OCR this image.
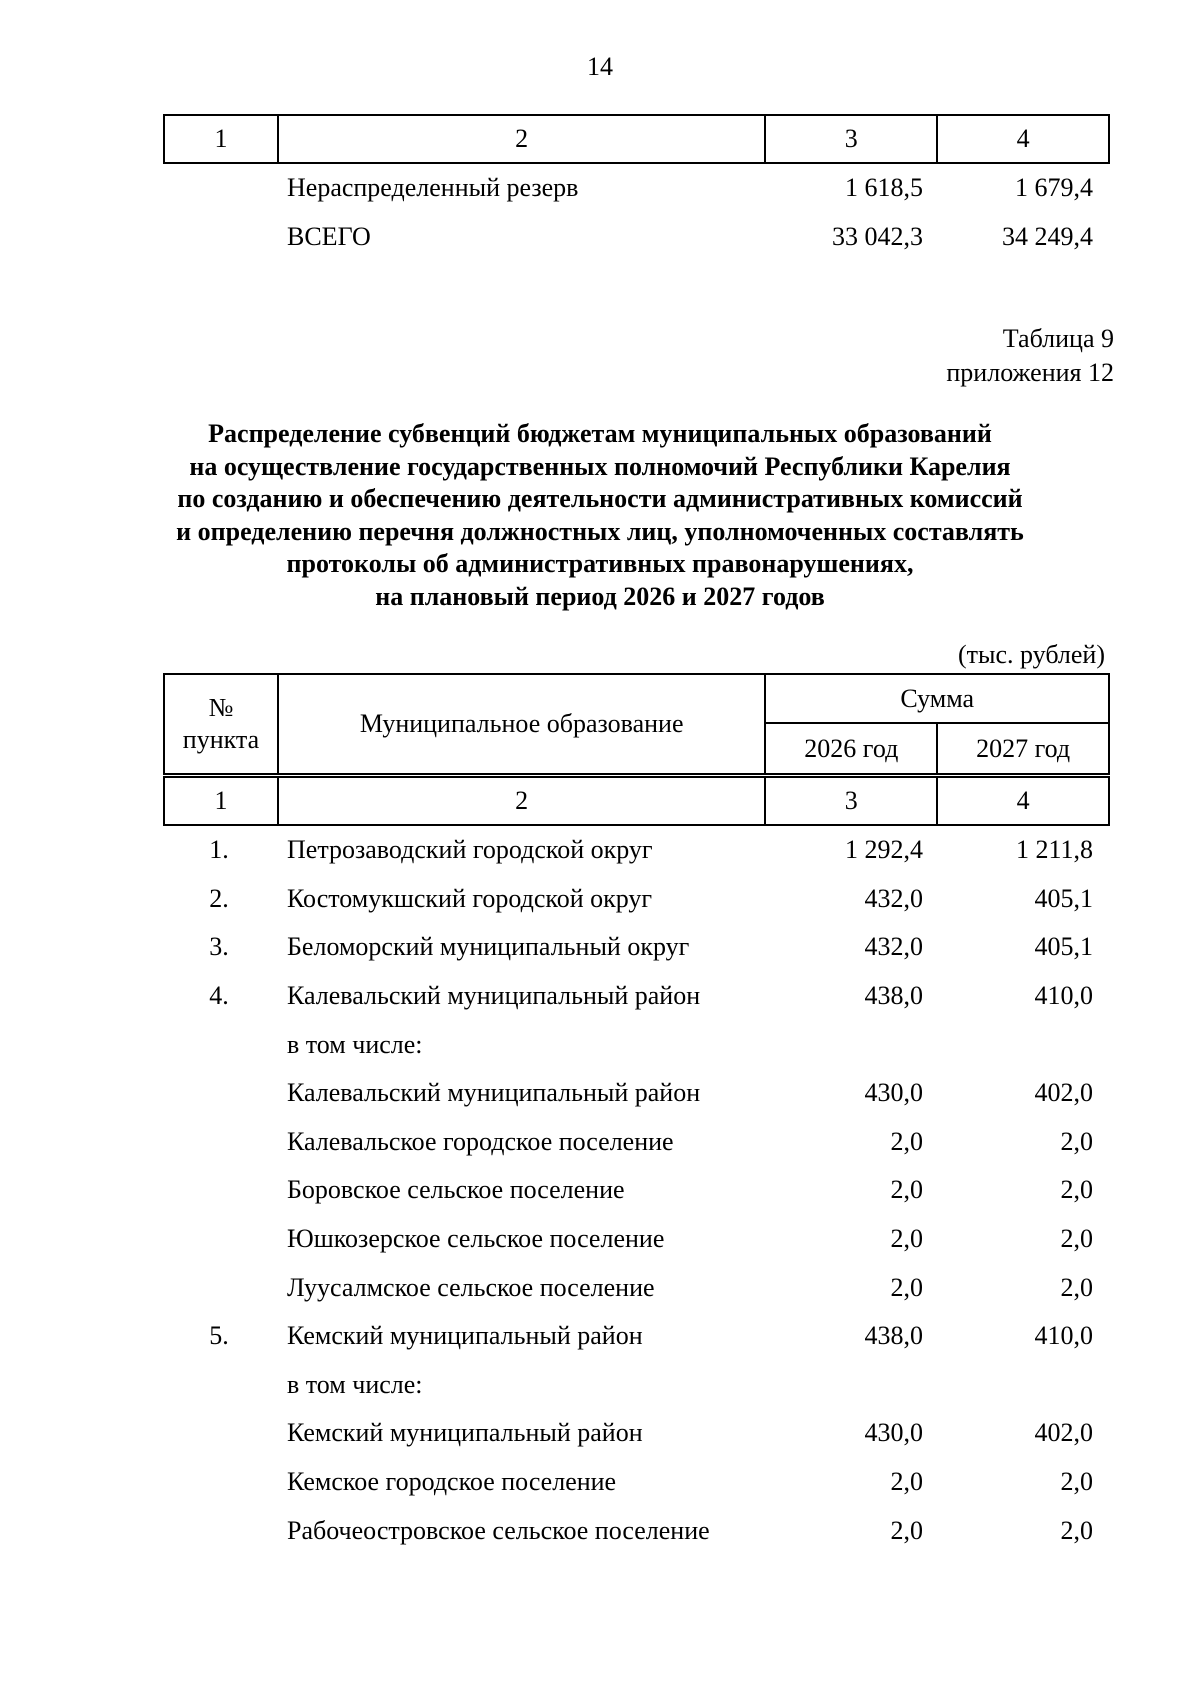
14
1	2	3	4
Нераспределенный резерв	1 618,5	1 679,4
ВСЕГО	33 042,3	34 249,4
Таблица 9
приложения 12
Распределение субвенций бюджетам муниципальных образований
на осуществление государственных полномочий Республики Карелия
по созданию и обеспечению деятельности административных комиссий
и определению перечня должностных лиц, уполномоченных составлять
протоколы об административных правонарушениях,
на плановый период 2026 и 2027 годов
(тыс. рублей)
№
пункта	Муниципальное образование	Сумма	
		2026 год	2027 год
1	2	3	4
1.	Петрозаводский городской округ	1 292,4	1 211,8
2.	Костомукшский городской округ	432,0	405,1
3.	Беломорский муниципальный округ	432,0	405,1
4.	Калевальский муниципальный район	438,0	410,0
в том числе:
Калевальский муниципальный район	430,0	402,0
Калевальское городское поселение	2,0	2,0
Боровское сельское поселение	2,0	2,0
Юшкозерское сельское поселение	2,0	2,0
Луусалмское сельское поселение	2,0	2,0
5.	Кемский муниципальный район	438,0	410,0
в том числе:
Кемский муниципальный район	430,0	402,0
Кемское городское поселение	2,0	2,0
Рабочеостровское сельское поселение	2,0	2,0
